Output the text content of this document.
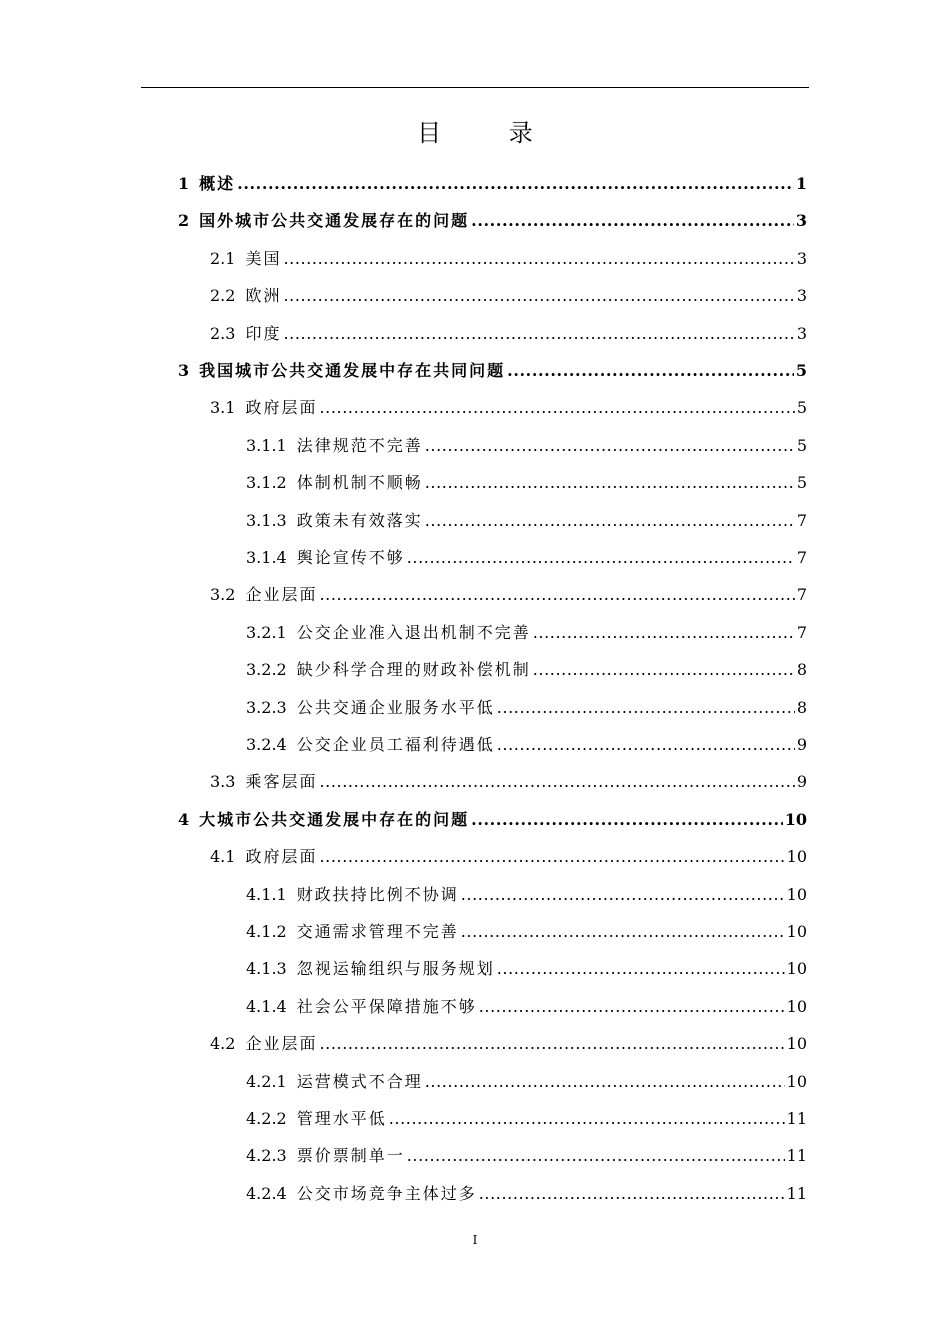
目 录
1 概述 .....	1
2 国外城市公共交通发展存在的问题 .....	3
2.1 美国 .....	3
2.2 欧洲 .....	3
2.3 印度 .....	3
3 我国城市公共交通发展中存在共同问题 .....	5
3.1 政府层面 .....	5
3.1.1 法律规范不完善 .....	5
3.1.2 体制机制不顺畅 .....	5
3.1.3 政策未有效落实 .....	7
3.1.4 舆论宣传不够 .....	7
3.2 企业层面 .....	7
3.2.1 公交企业准入退出机制不完善 .....	7
3.2.2 缺少科学合理的财政补偿机制 .....	8
3.2.3 公共交通企业服务水平低 .....	8
3.2.4 公交企业员工福利待遇低 .....	9
3.3 乘客层面 .....	9
4 大城市公共交通发展中存在的问题 .....	10
4.1 政府层面 .....	10
4.1.1 财政扶持比例不协调 .....	10
4.1.2 交通需求管理不完善 .....	10
4.1.3 忽视运输组织与服务规划 .....	10
4.1.4 社会公平保障措施不够 .....	10
4.2 企业层面 .....	10
4.2.1 运营模式不合理 .....	10
4.2.2 管理水平低 .....	11
4.2.3 票价票制单一 .....	11
4.2.4 公交市场竞争主体过多 .....	11
I
